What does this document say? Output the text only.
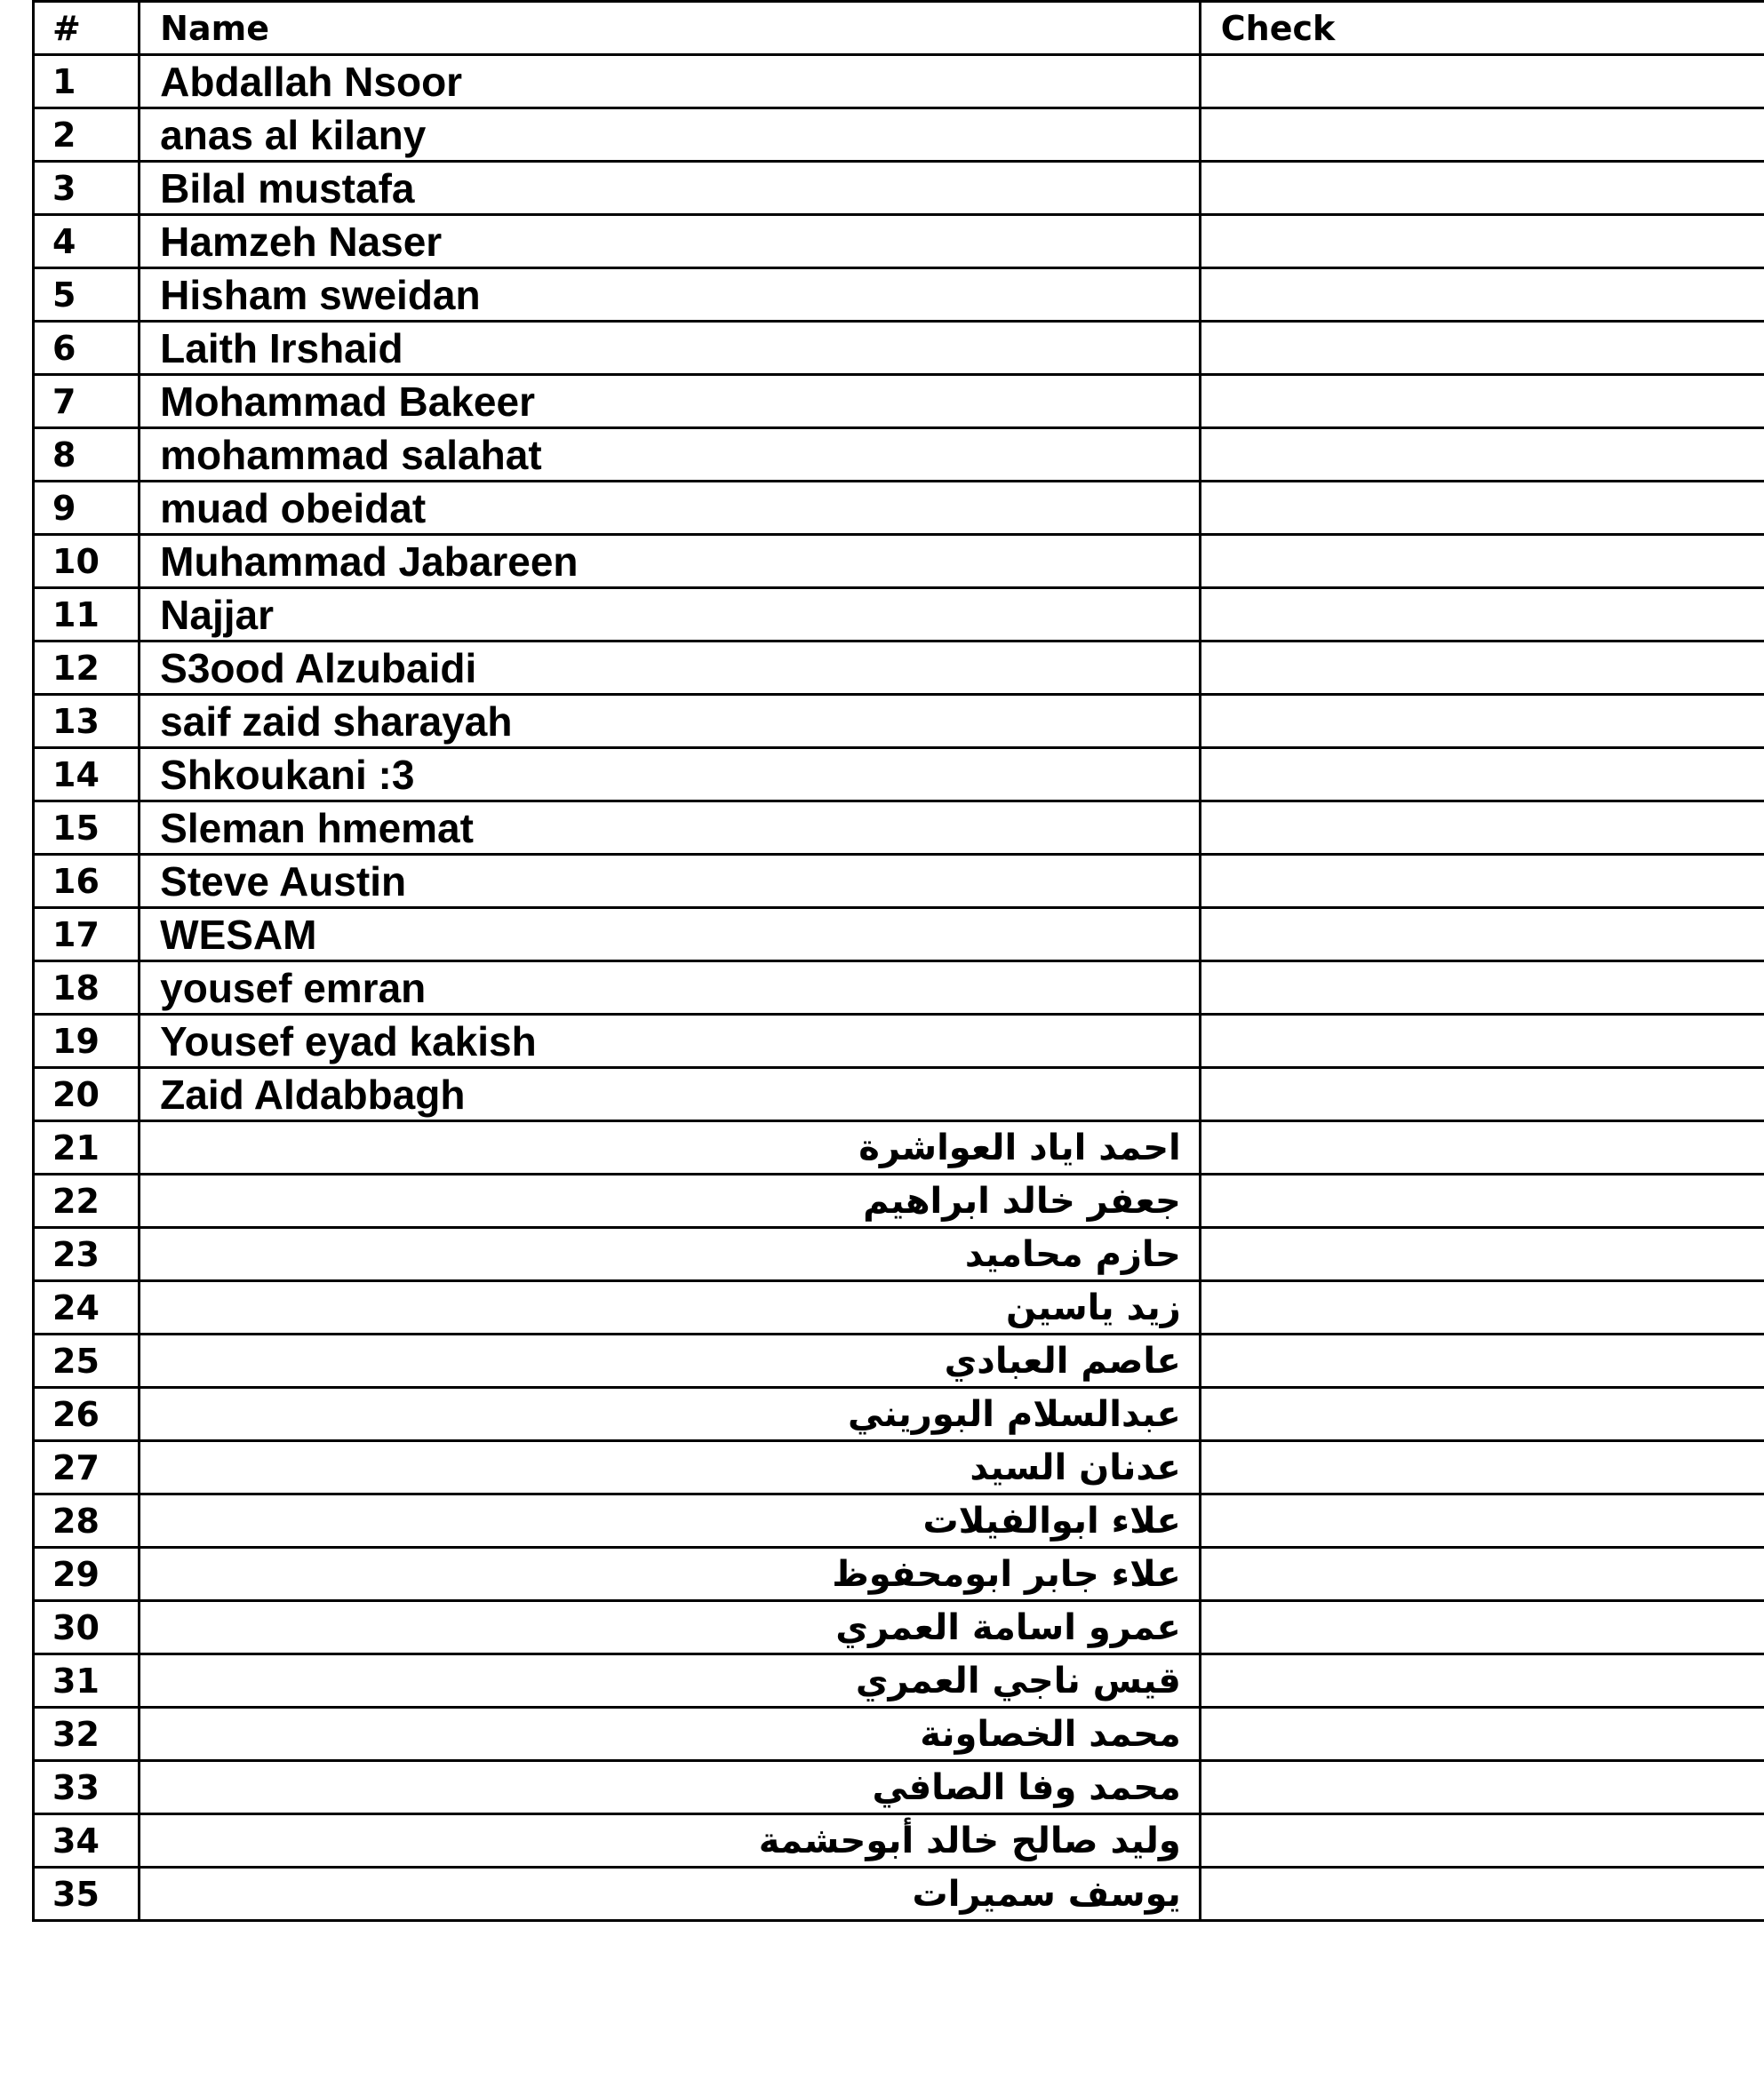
#	Name	Check
1	Abdallah Nsoor	
2	anas al kilany	
3	Bilal mustafa	
4	Hamzeh Naser	
5	Hisham sweidan	
6	Laith Irshaid	
7	Mohammad Bakeer	
8	mohammad salahat	
9	muad obeidat	
10	Muhammad Jabareen	
11	Najjar	
12	S3ood Alzubaidi	
13	saif zaid sharayah	
14	Shkoukani :3	
15	Sleman hmemat	
16	Steve Austin	
17	WESAM	
18	yousef emran	
19	Yousef eyad kakish	
20	Zaid Aldabbagh	
21	احمد اياد العواشرة	
22	جعفر خالد ابراهيم	
23	حازم محاميد	
24	زيد ياسين	
25	عاصم العبادي	
26	عبدالسلام البوريني	
27	عدنان السيد	
28	علاء ابوالفيلات	
29	علاء جابر ابومحفوظ	
30	عمرو اسامة العمري	
31	قيس ناجي العمري	
32	محمد الخصاونة	
33	محمد وفا الصافي	
34	وليد صالح خالد أبوحشمة	
35	يوسف سميرات	
